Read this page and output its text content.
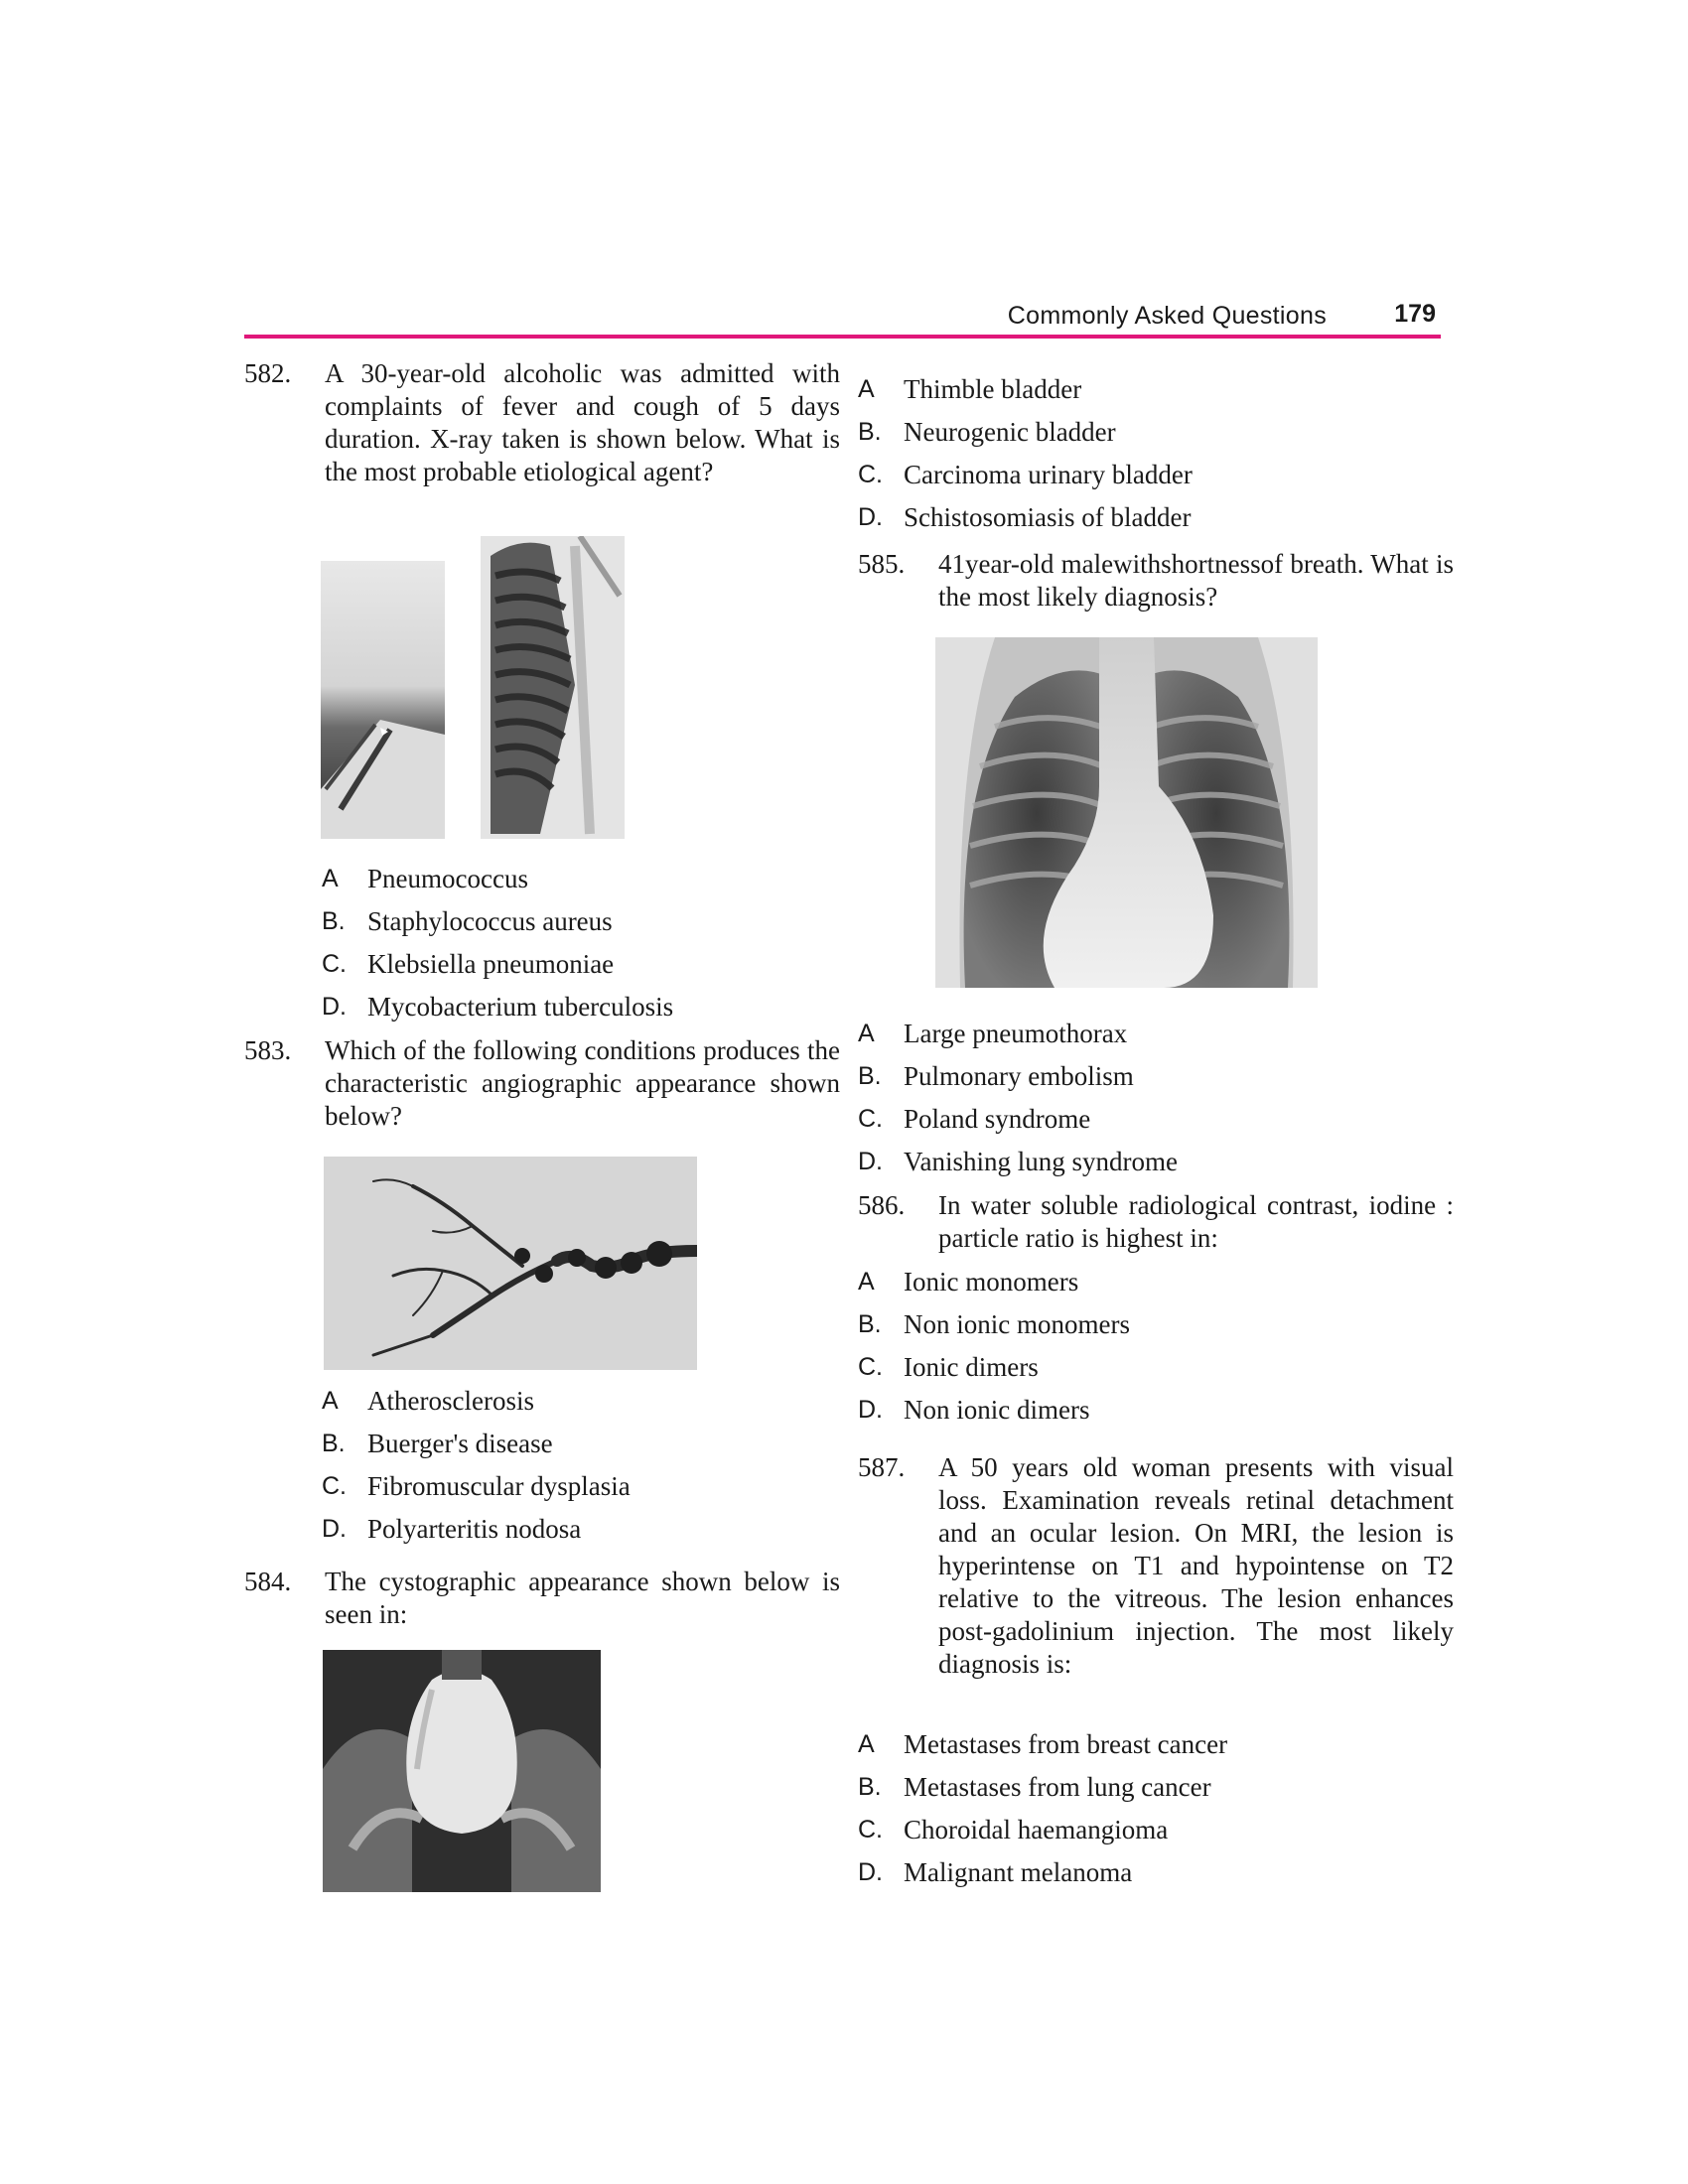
Commonly Asked Questions	179
582.	A 30-year-old alcoholic was admitted with complaints of fever and cough of 5 days duration. X-ray taken is shown below. What is the most probable etiological agent?
A	Pneumococcus
B. Staphylococcus aureus
C. Klebsiella pneumoniae
D. Mycobacterium tuberculosis
583.	Which of the following conditions produces the characteristic angiographic appearance shown below?
A	Atherosclerosis
B. Buerger's disease
C. Fibromuscular dysplasia
D. Polyarteritis nodosa
584.	The cystographic appearance shown below is seen in:
A	Thimble bladder
B. Neurogenic bladder
C. Carcinoma urinary bladder
D. Schistosomiasis of bladder
585.	41year-old malewithshortnessof breath. What is the most likely diagnosis?
A	Large pneumothorax
B. Pulmonary embolism
C. Poland syndrome
D. Vanishing lung syndrome
586.	In water soluble radiological contrast, iodine : particle ratio is highest in:
A	Ionic monomers
B. Non ionic monomers
C. Ionic dimers
D. Non ionic dimers
587.	A 50 years old woman presents with visual loss. Examination reveals retinal detachment and an ocular lesion. On MRI, the lesion is hyperintense on T1 and hypointense on T2 relative to the vitreous. The lesion enhances post-gadolinium injection. The most likely diagnosis is:
A	Metastases from breast cancer
B. Metastases from lung cancer
C. Choroidal haemangioma
D. Malignant melanoma
